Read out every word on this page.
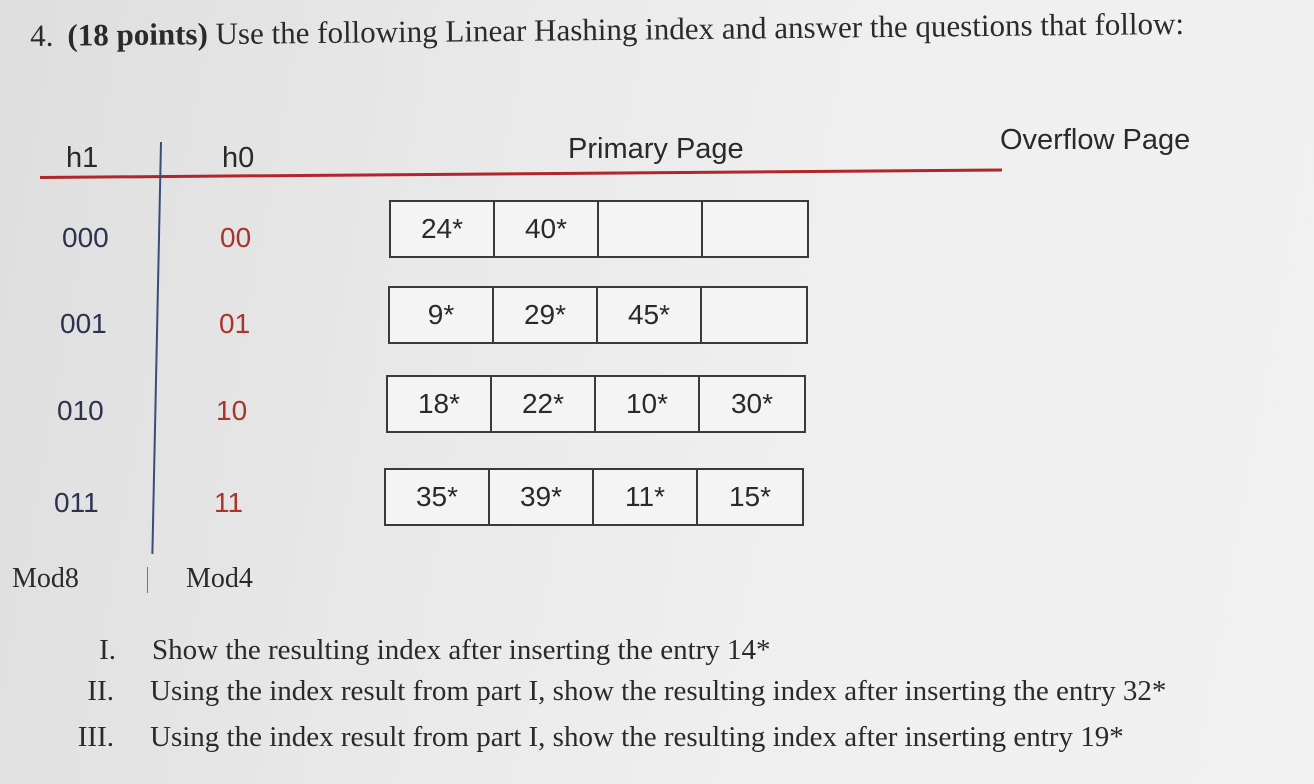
4. (18 points) Use the following Linear Hashing index and answer the questions that follow:
h1	h0	Primary Page	Overflow Page
000	00	24*	40*
001	01	9*	29*	45*
010	10	18*	22*	10*	30*
011	11	35*	39*	11*	15*
Mod8	Mod4
I. Show the resulting index after inserting the entry 14*
II. Using the index result from part I, show the resulting index after inserting the entry 32*
III. Using the index result from part I, show the resulting index after inserting entry 19*
